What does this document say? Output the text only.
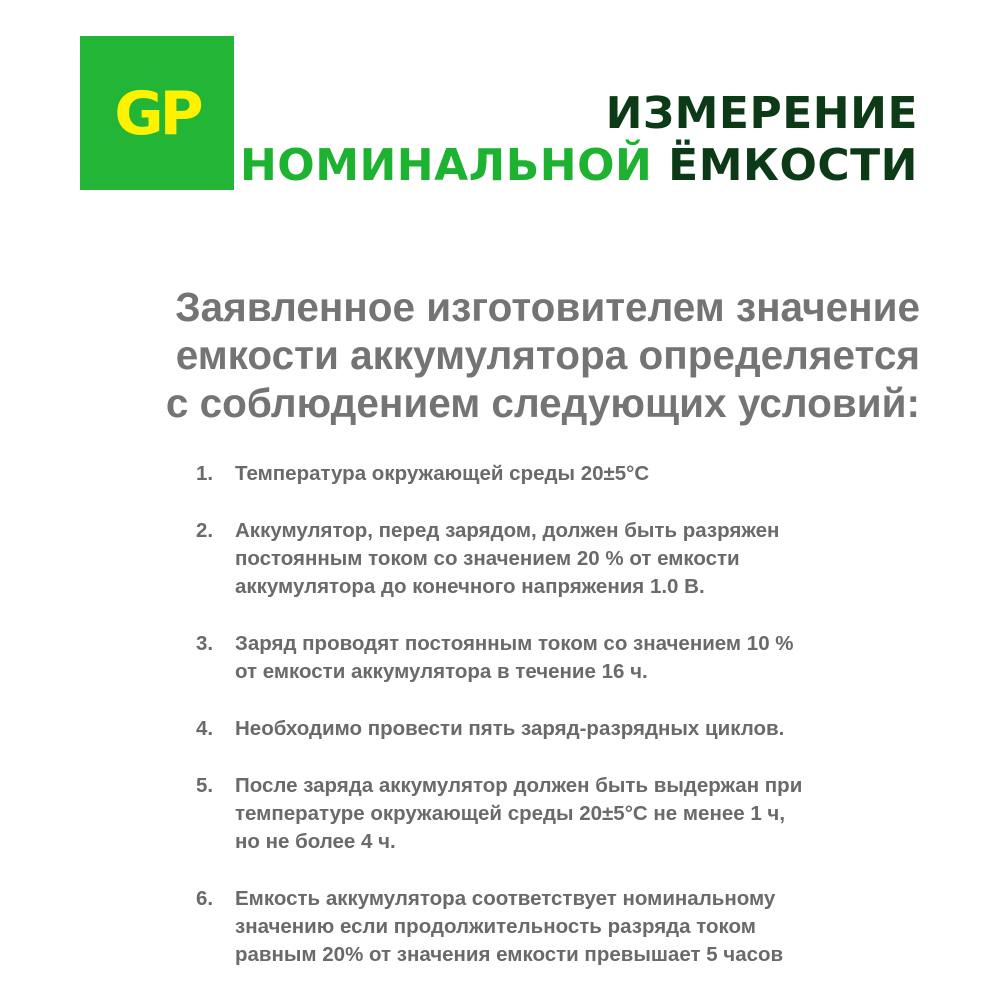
GP	ИЗМЕРЕНИЕ
НОМИНАЛЬНОЙ ЁМКОСТИ
Заявленное изготовителем значение
емкости аккумулятора определяется
с соблюдением следующих условий:
1.	Температура окружающей среды 20±5°С
2.	Аккумулятор, перед зарядом, должен быть разряжен
постоянным током со значением 20 % от емкости
аккумулятора до конечного напряжения 1.0 В.
3.	Заряд проводят постоянным током со значением 10 %
от емкости аккумулятора в течение 16 ч.
4.	Необходимо провести пять заряд-разрядных циклов.
5.	После заряда аккумулятор должен быть выдержан при
температуре окружающей среды 20±5°С не менее 1 ч,
но не более 4 ч.
6.	Емкость аккумулятора соответствует номинальному
значению если продолжительность разряда током
равным 20% от значения емкости превышает 5 часов
